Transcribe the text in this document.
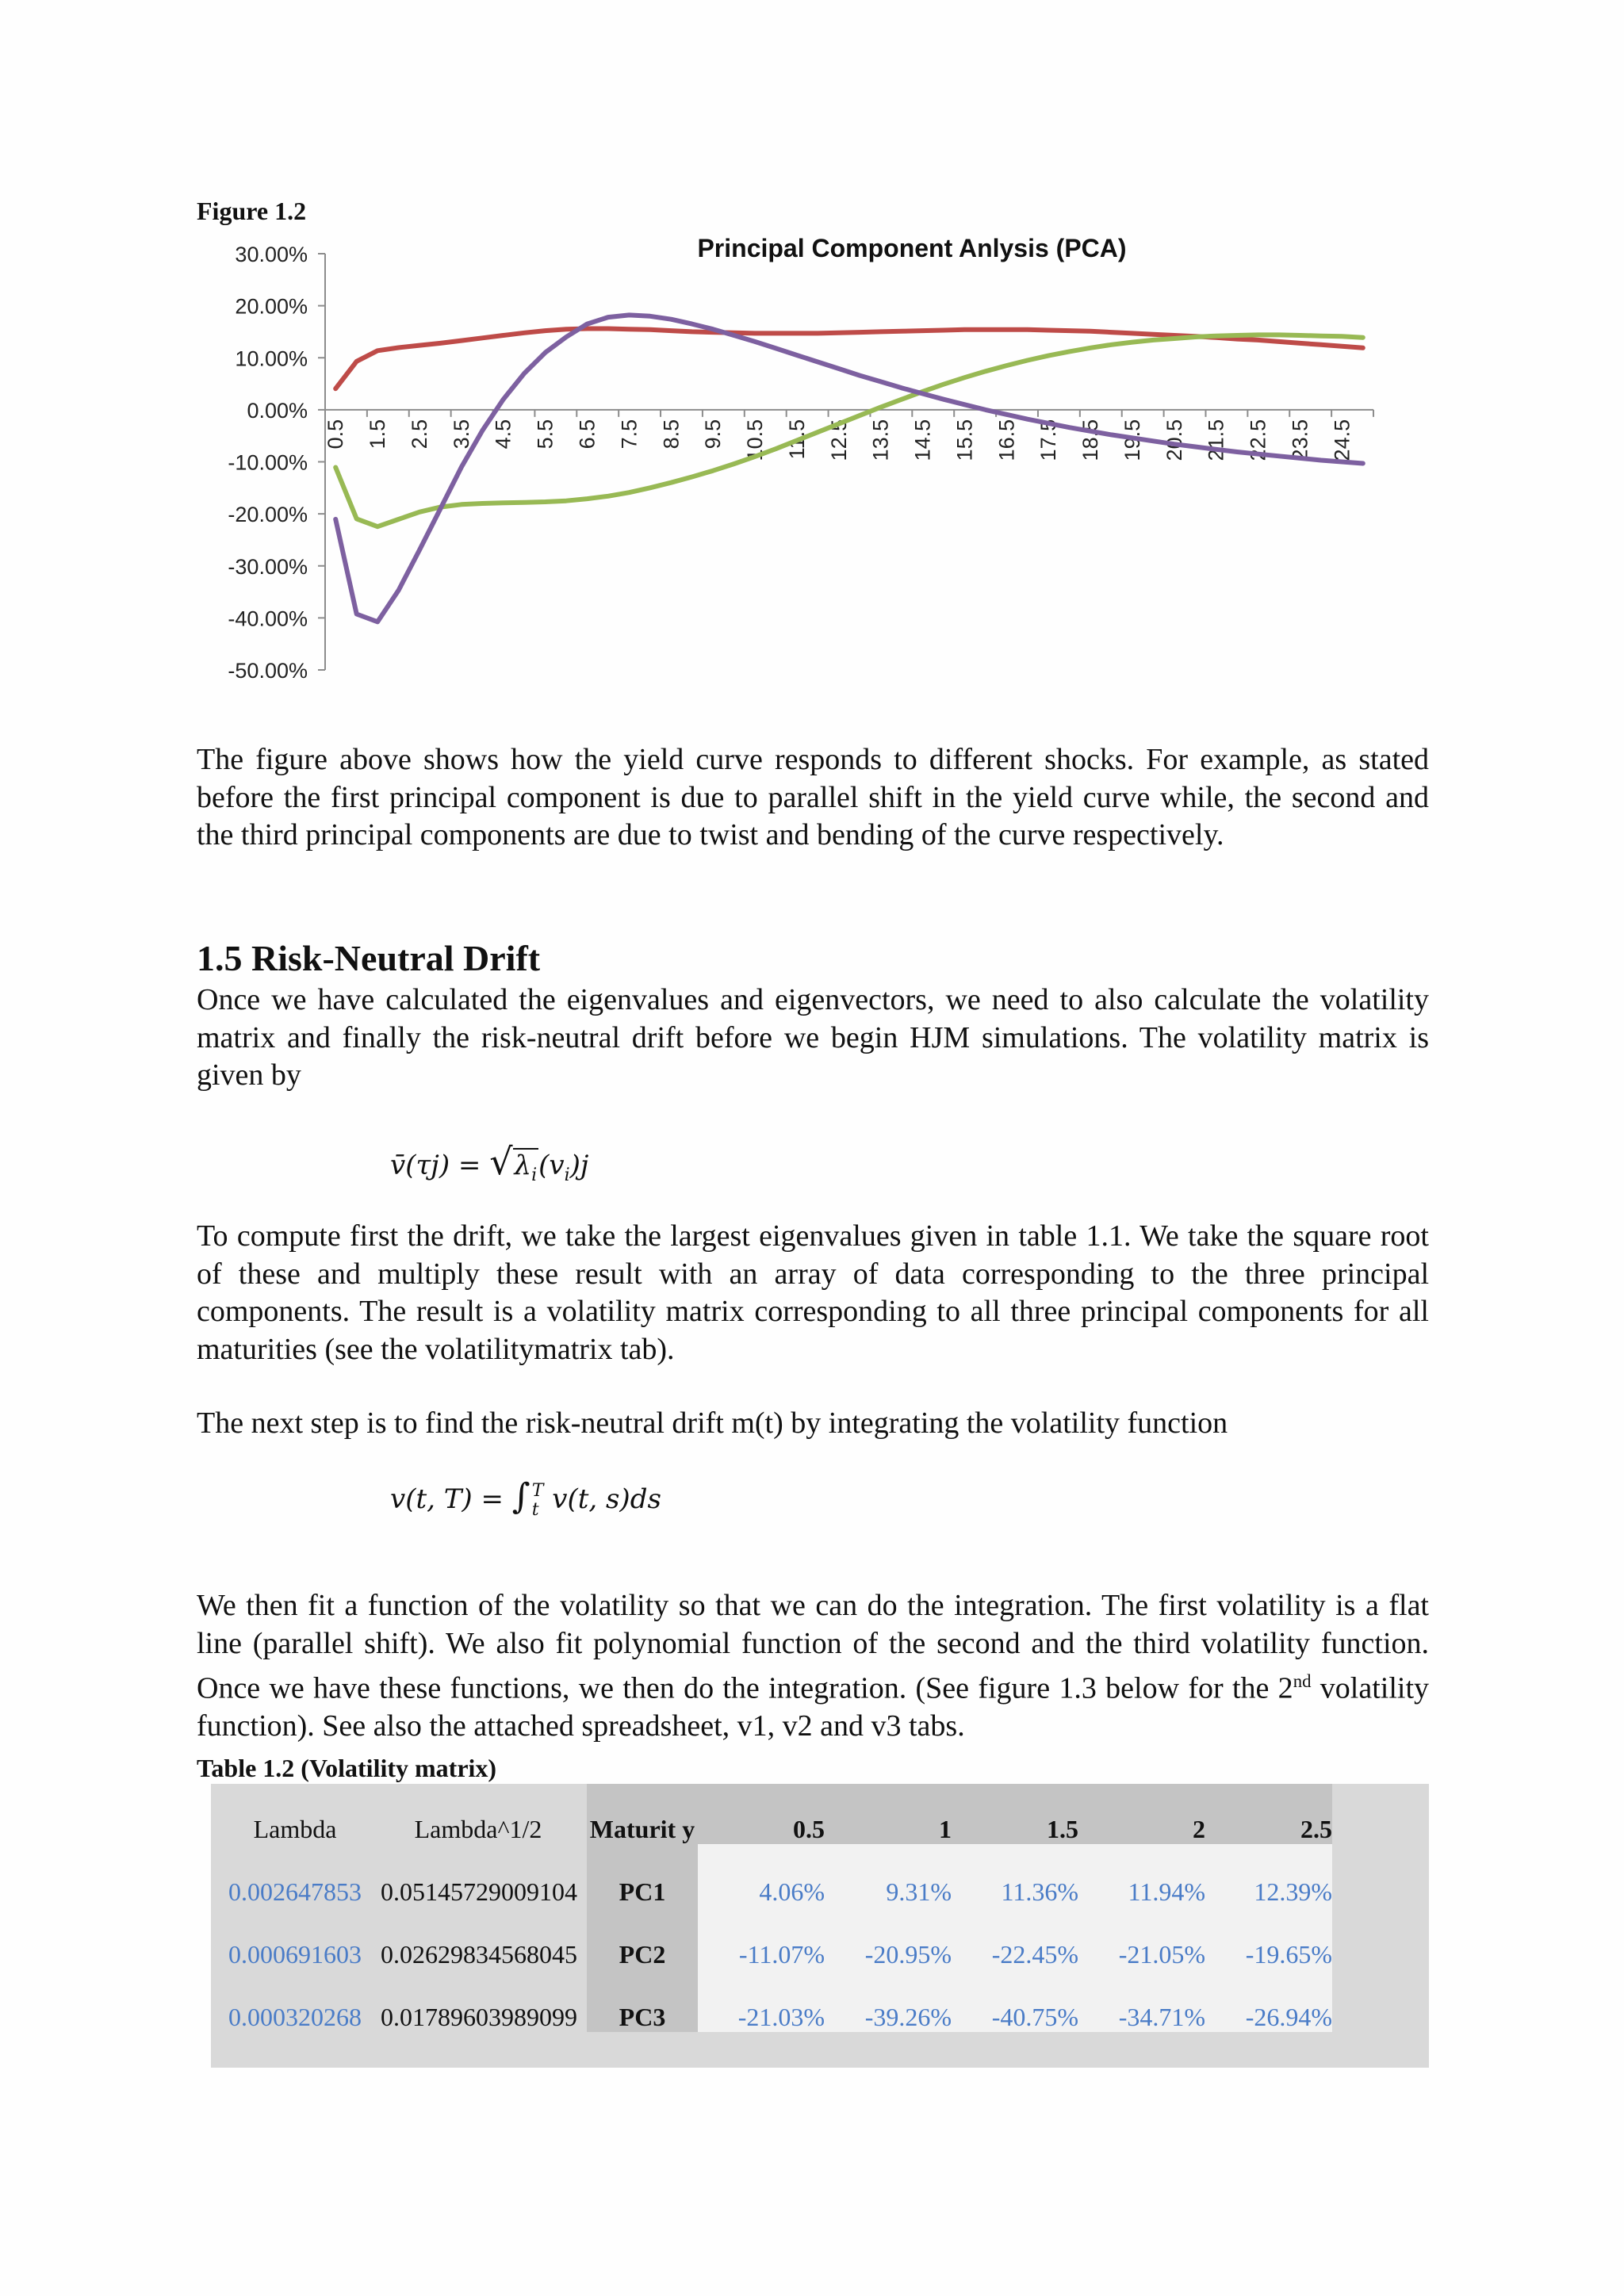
Figure 1.2
Principal Component Anlysis (PCA)
30.00%
20.00%
10.00%
0.00%
-10.00%
-20.00%
-30.00%
-40.00%
-50.00%
0.5 1.5 2.5 3.5 4.5 5.5 6.5 7.5 8.5 9.5 10.5 11.5 12.5 13.5 14.5 15.5 16.5 17.5 18.5 19.5 20.5 21.5 22.5 23.5 24.5
The figure above shows how the yield curve responds to different shocks. For example, as stated before the first principal component is due to parallel shift in the yield curve while, the second and the third principal components are due to twist and bending of the curve respectively.
1.5 Risk-Neutral Drift
Once we have calculated the eigenvalues and eigenvectors, we need to also calculate the volatility matrix and finally the risk-neutral drift before we begin HJM simulations. The volatility matrix is given by
v̄(τj) = $√\lambda_i(v_i)j$
To compute first the drift, we take the largest eigenvalues given in table 1.1. We take the square root of these and multiply these result with an array of data corresponding to the three principal components. The result is a volatility matrix corresponding to all three principal components for all maturities (see the volatilitymatrix tab).
The next step is to find the risk-neutral drift m(t) by integrating the volatility function
v(t, T) = ∫ T
t v(t, s)ds
We then fit a function of the volatility so that we can do the integration. The first volatility is a flat line (parallel shift). We also fit polynomial function of the second and the third volatility function. Once we have these functions, we then do the integration. (See figure 1.3 below for the 2nd volatility function). See also the attached spreadsheet, v1, v2 and v3 tabs.
Table 1.2 (Volatility matrix)
Lambda	Lambda^1/2	Maturit y	0.5	1	1.5	2	2.5
0.002647853	0.05145729009104	PC1	4.06%	9.31%	11.36%	11.94%	12.39%
0.000691603	0.02629834568045	PC2	-11.07%	-20.95%	-22.45%	-21.05%	-19.65%
0.000320268	0.01789603989099	PC3	-21.03%	-39.26%	-40.75%	-34.71%	-26.94%
